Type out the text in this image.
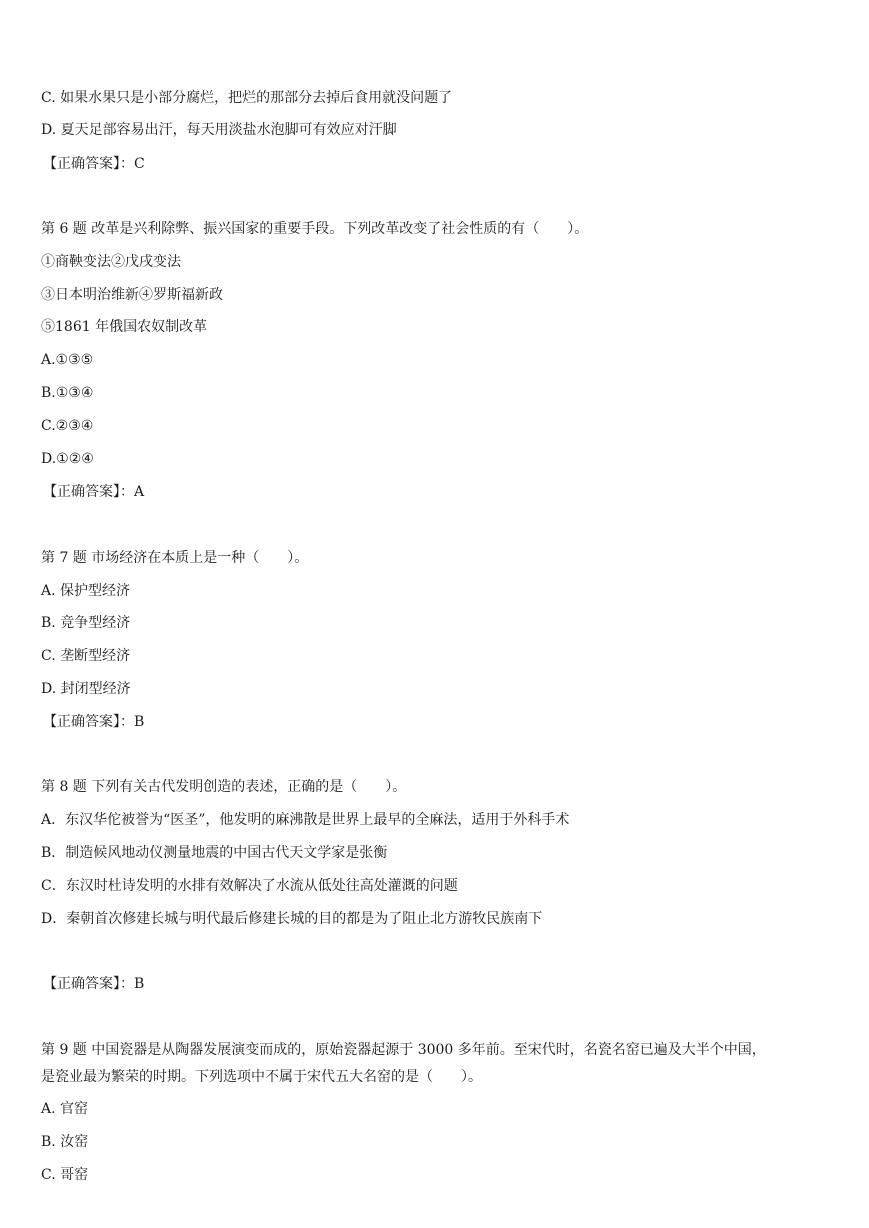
C. 如果水果只是小部分腐烂，把烂的那部分去掉后食用就没问题了
D. 夏天足部容易出汗，每天用淡盐水泡脚可有效应对汗脚
【正确答案】：C
第 6 题 改革是兴利除弊、振兴国家的重要手段。下列改革改变了社会性质的有（　　）。
①商鞅变法②戊戌变法
③日本明治维新④罗斯福新政
⑤1861 年俄国农奴制改革
A.①③⑤
B.①③④
C.②③④
D.①②④
【正确答案】：A
第 7 题 市场经济在本质上是一种（　　）。
A. 保护型经济
B. 竞争型经济
C. 垄断型经济
D. 封闭型经济
【正确答案】：B
第 8 题 下列有关古代发明创造的表述，正确的是（　　）。
A．东汉华佗被誉为“医圣”，他发明的麻沸散是世界上最早的全麻法，适用于外科手术
B．制造候风地动仪测量地震的中国古代天文学家是张衡
C．东汉时杜诗发明的水排有效解决了水流从低处往高处灌溉的问题
D．秦朝首次修建长城与明代最后修建长城的目的都是为了阻止北方游牧民族南下
【正确答案】：B
第 9 题 中国瓷器是从陶器发展演变而成的，原始瓷器起源于 3000 多年前。至宋代时，名瓷名窑已遍及大半个中国，
是瓷业最为繁荣的时期。下列选项中不属于宋代五大名窑的是（　　）。
A. 官窑
B. 汝窑
C. 哥窑
